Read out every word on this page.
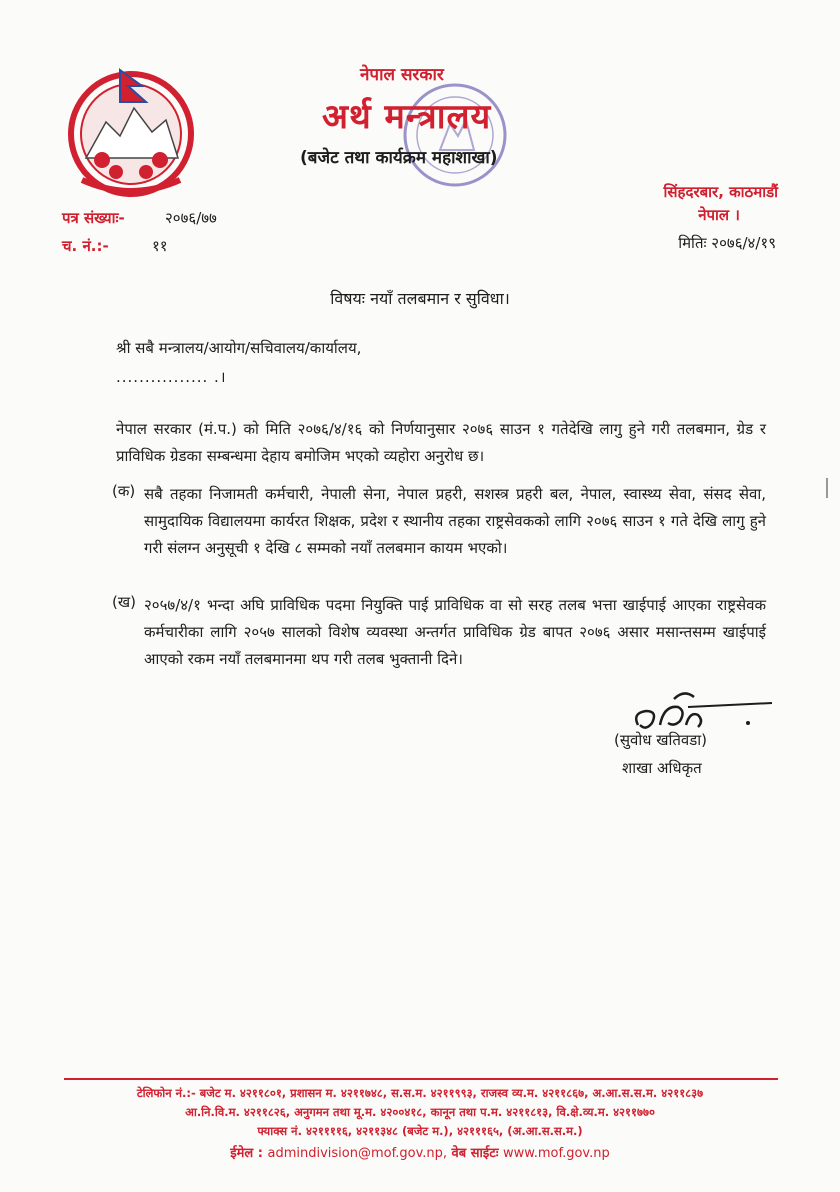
नेपाल सरकार
अर्थ मन्त्रालय
(बजेट तथा कार्यक्रम महाशाखा)
सिंहदरबार, काठमाडौं
नेपाल ।
पत्र संख्याः-	२०७६/७७
च. नं.:-	११	मितिः २०७६/४/१९
विषयः नयाँ तलबमान र सुविधा।
श्री सबै मन्त्रालय/आयोग/सचिवालय/कार्यालय,
................ .।
नेपाल सरकार (मं.प.) को मिति २०७६/४/१६ को निर्णयानुसार २०७६ साउन १ गतेदेखि लागु हुने गरी तलबमान, ग्रेड र प्राविधिक ग्रेडका सम्बन्धमा देहाय बमोजिम भएको व्यहोरा अनुरोध छ।
(क) सबै तहका निजामती कर्मचारी, नेपाली सेना, नेपाल प्रहरी, सशस्त्र प्रहरी बल, नेपाल, स्वास्थ्य सेवा, संसद सेवा, सामुदायिक विद्यालयमा कार्यरत शिक्षक, प्रदेश र स्थानीय तहका राष्ट्रसेवकको लागि २०७६ साउन १ गते देखि लागु हुने गरी संलग्न अनुसूची १ देखि ८ सम्मको नयाँ तलबमान कायम भएको।
(ख) २०५७/४/१ भन्दा अघि प्राविधिक पदमा नियुक्ति पाई प्राविधिक वा सो सरह तलब भत्ता खाईपाई आएका राष्ट्रसेवक कर्मचारीका लागि २०५७ सालको विशेष व्यवस्था अन्तर्गत प्राविधिक ग्रेड बापत २०७६ असार मसान्तसम्म खाईपाई आएको रकम नयाँ तलबमानमा थप गरी तलब भुक्तानी दिने।
(सुवोध खतिवडा)
शाखा अधिकृत
टेलिफोन नं.:- बजेट म. ४२११८०१, प्रशासन म. ४२११७४८, स.स.म. ४२११९९३, राजस्व व्य.म. ४२११८६७, अ.आ.स.स.म. ४२११८३७
आ.नि.वि.म. ४२११८२६, अनुगमन तथा मू.म. ४२००४१८, कानून तथा प.म. ४२११८१३, वि.क्षे.व्य.म. ४२११७७०
फ्याक्स नं. ४२११११६, ४२११३४८ (बजेट म.), ४२१११६५, (अ.आ.स.स.म.)
ईमेल : admindivision@mof.gov.np, वेब साईटः www.mof.gov.np
